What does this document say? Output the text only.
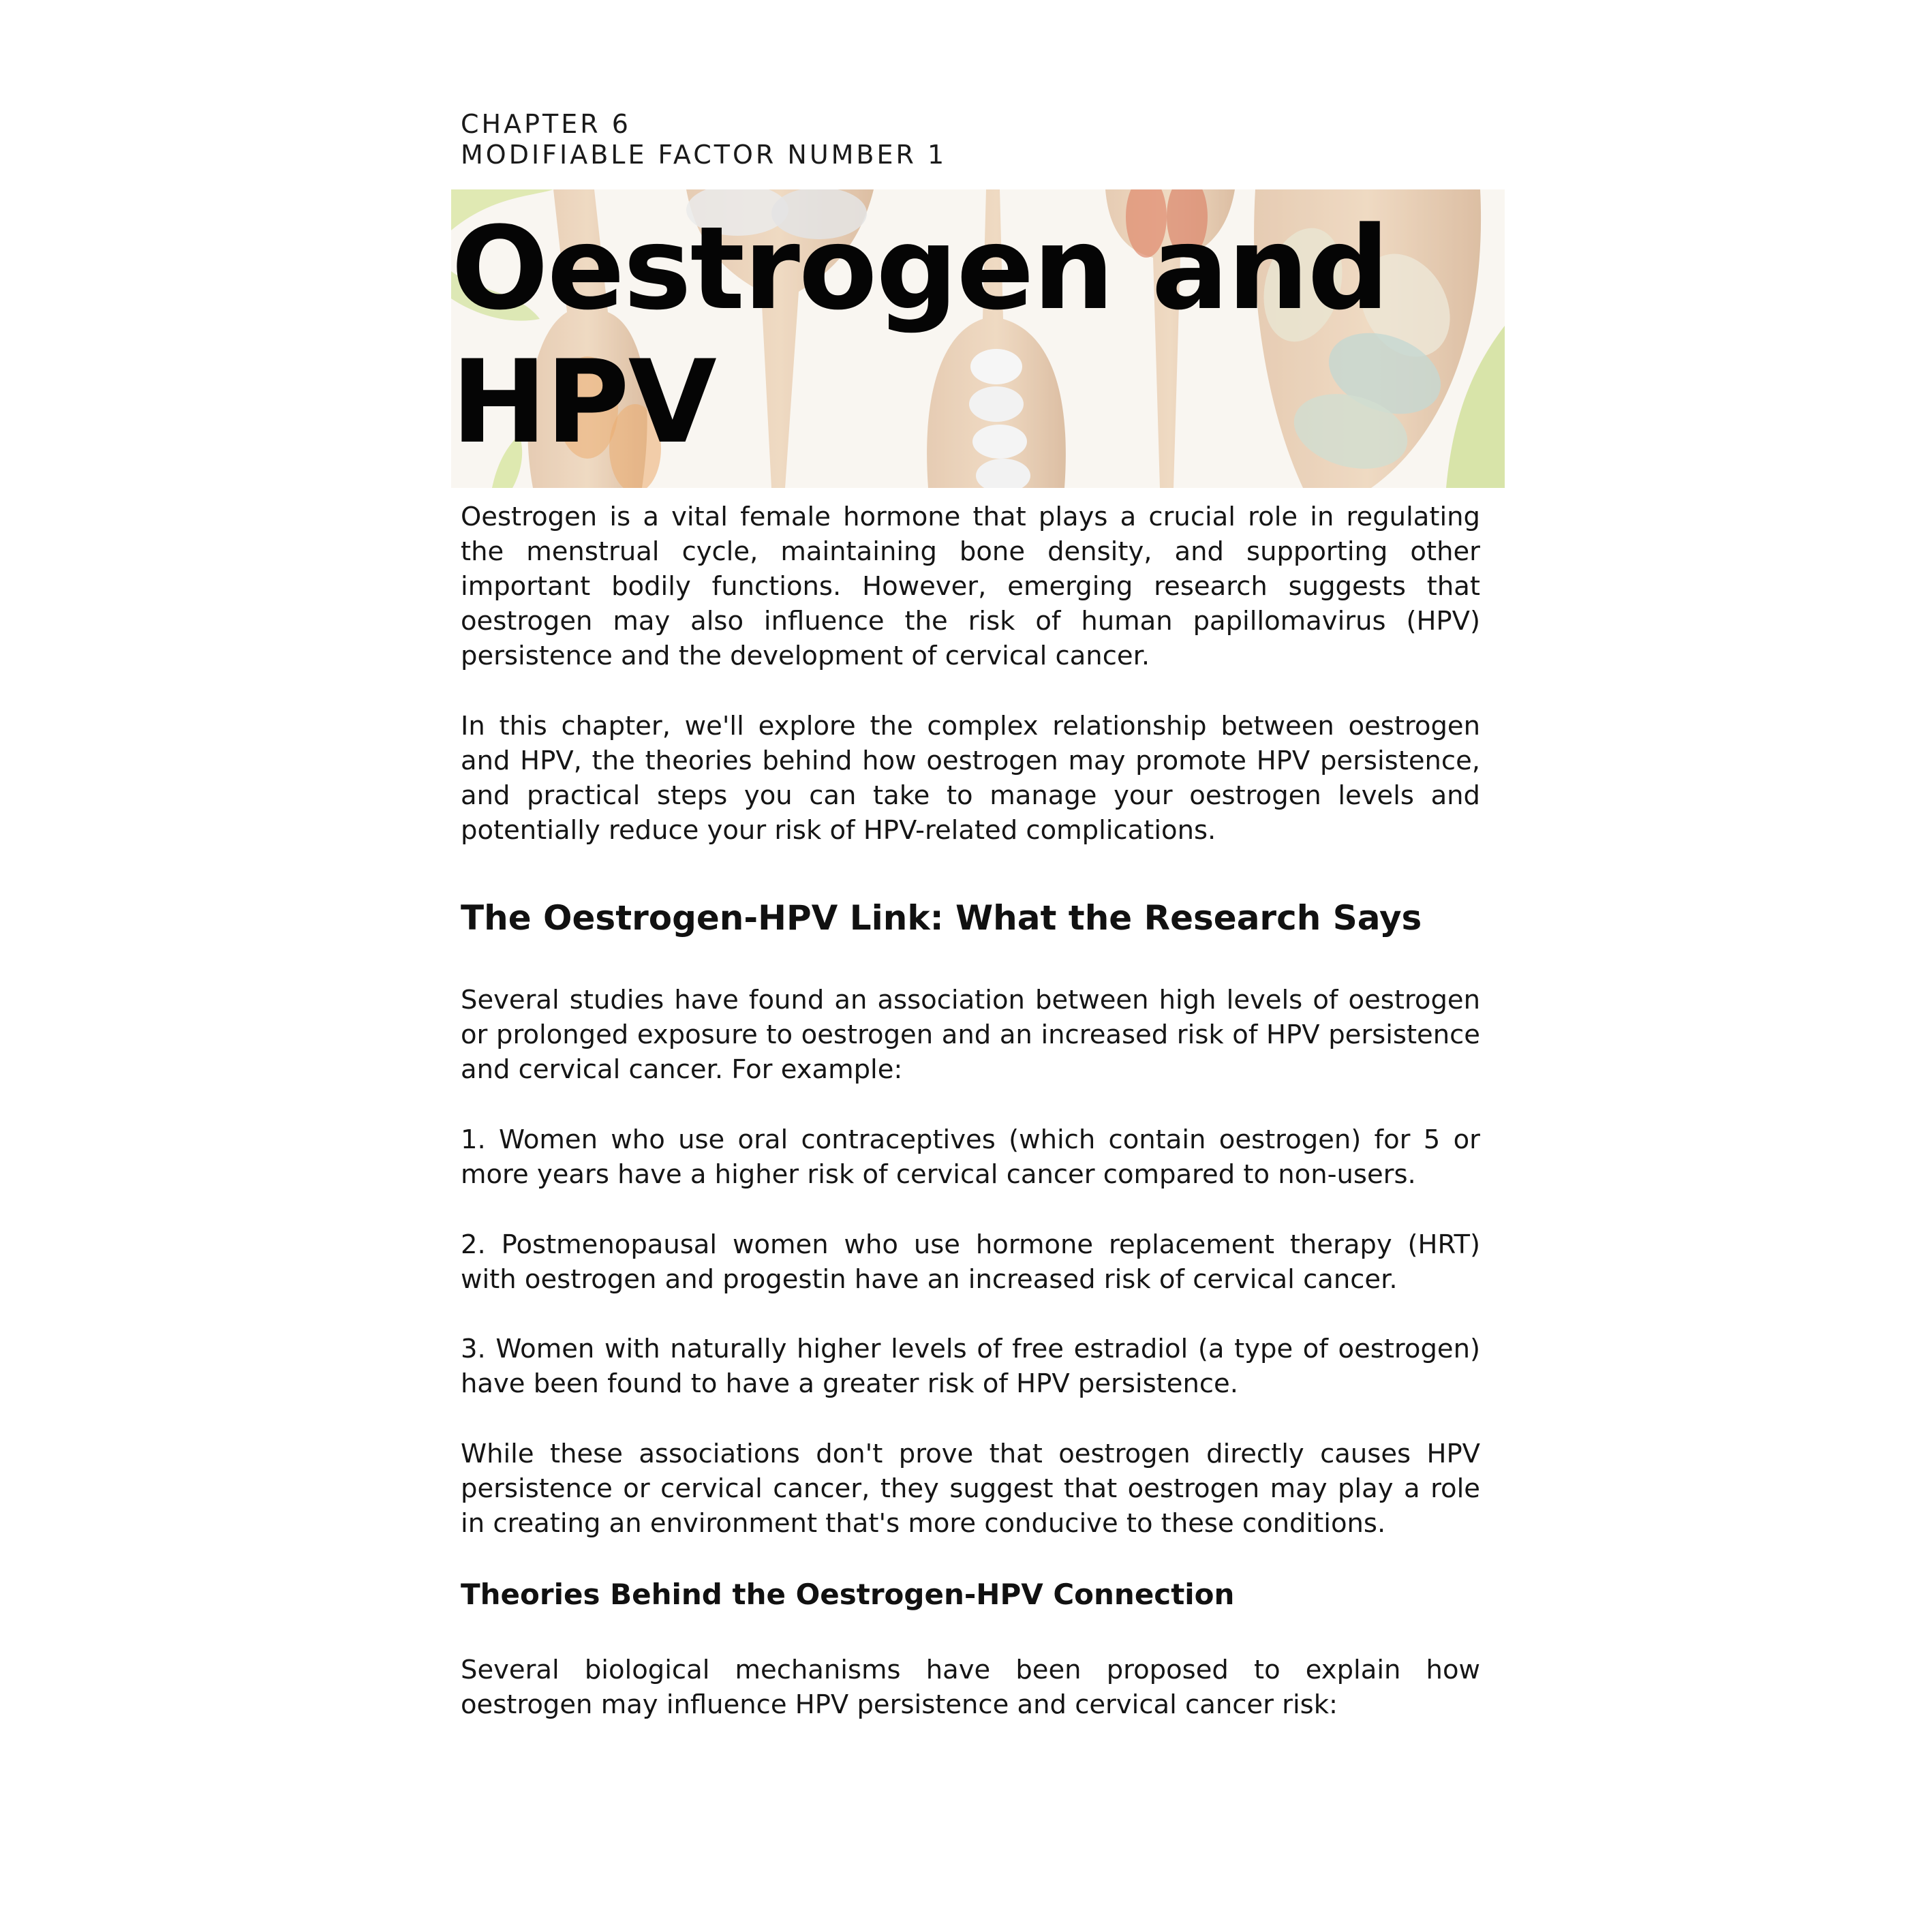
CHAPTER 6
MODIFIABLE FACTOR NUMBER 1
Oestrogen and
HPV

Oestrogen is a vital female hormone that plays a crucial role in regulating the menstrual cycle, maintaining bone density, and supporting other important bodily functions. However, emerging research suggests that oestrogen may also influence the risk of human papillomavirus (HPV) persistence and the development of cervical cancer.

In this chapter, we'll explore the complex relationship between oestrogen and HPV, the theories behind how oestrogen may promote HPV persistence, and practical steps you can take to manage your oestrogen levels and potentially reduce your risk of HPV-related complications.

The Oestrogen-HPV Link: What the Research Says

Several studies have found an association between high levels of oestrogen or prolonged exposure to oestrogen and an increased risk of HPV persistence and cervical cancer. For example:

1. Women who use oral contraceptives (which contain oestrogen) for 5 or more years have a higher risk of cervical cancer compared to non-users.

2. Postmenopausal women who use hormone replacement therapy (HRT) with oestrogen and progestin have an increased risk of cervical cancer.

3. Women with naturally higher levels of free estradiol (a type of oestrogen) have been found to have a greater risk of HPV persistence.

While these associations don't prove that oestrogen directly causes HPV persistence or cervical cancer, they suggest that oestrogen may play a role in creating an environment that's more conducive to these conditions.

Theories Behind the Oestrogen-HPV Connection

Several biological mechanisms have been proposed to explain how oestrogen may influence HPV persistence and cervical cancer risk:
